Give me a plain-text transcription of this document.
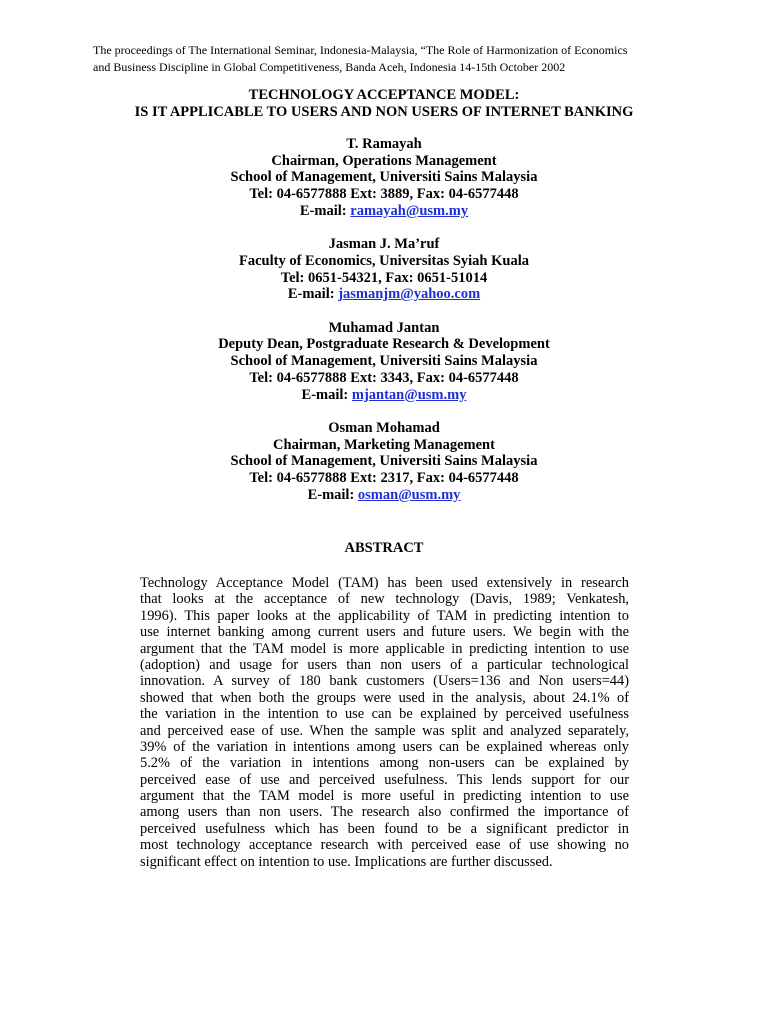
The proceedings of The International Seminar, Indonesia-Malaysia, “The Role of Harmonization of Economics
and Business Discipline in Global Competitiveness, Banda Aceh, Indonesia 14-15th October 2002
TECHNOLOGY ACCEPTANCE MODEL:
IS IT APPLICABLE TO USERS AND NON USERS OF INTERNET BANKING
T. Ramayah
Chairman, Operations Management
School of Management, Universiti Sains Malaysia
Tel: 04-6577888 Ext: 3889, Fax: 04-6577448
E-mail: ramayah@usm.my
Jasman J. Ma’ruf
Faculty of Economics, Universitas Syiah Kuala
Tel: 0651-54321, Fax: 0651-51014
E-mail: jasmanjm@yahoo.com
Muhamad Jantan
Deputy Dean, Postgraduate Research & Development
School of Management, Universiti Sains Malaysia
Tel: 04-6577888 Ext: 3343, Fax: 04-6577448
E-mail: mjantan@usm.my
Osman Mohamad
Chairman, Marketing Management
School of Management, Universiti Sains Malaysia
Tel: 04-6577888 Ext: 2317, Fax: 04-6577448
E-mail: osman@usm.my
ABSTRACT
Technology Acceptance Model (TAM) has been used extensively in research
that looks at the acceptance of new technology (Davis, 1989; Venkatesh,
1996). This paper looks at the applicability of TAM in predicting intention to
use internet banking among current users and future users. We begin with the
argument that the TAM model is more applicable in predicting intention to use
(adoption) and usage for users than non users of a particular technological
innovation. A survey of 180 bank customers (Users=136 and Non users=44)
showed that when both the groups were used in the analysis, about 24.1% of
the variation in the intention to use can be explained by perceived usefulness
and perceived ease of use. When the sample was split and analyzed separately,
39% of the variation in intentions among users can be explained whereas only
5.2% of the variation in intentions among non-users can be explained by
perceived ease of use and perceived usefulness. This lends support for our
argument that the TAM model is more useful in predicting intention to use
among users than non users. The research also confirmed the importance of
perceived usefulness which has been found to be a significant predictor in
most technology acceptance research with perceived ease of use showing no
significant effect on intention to use. Implications are further discussed.
